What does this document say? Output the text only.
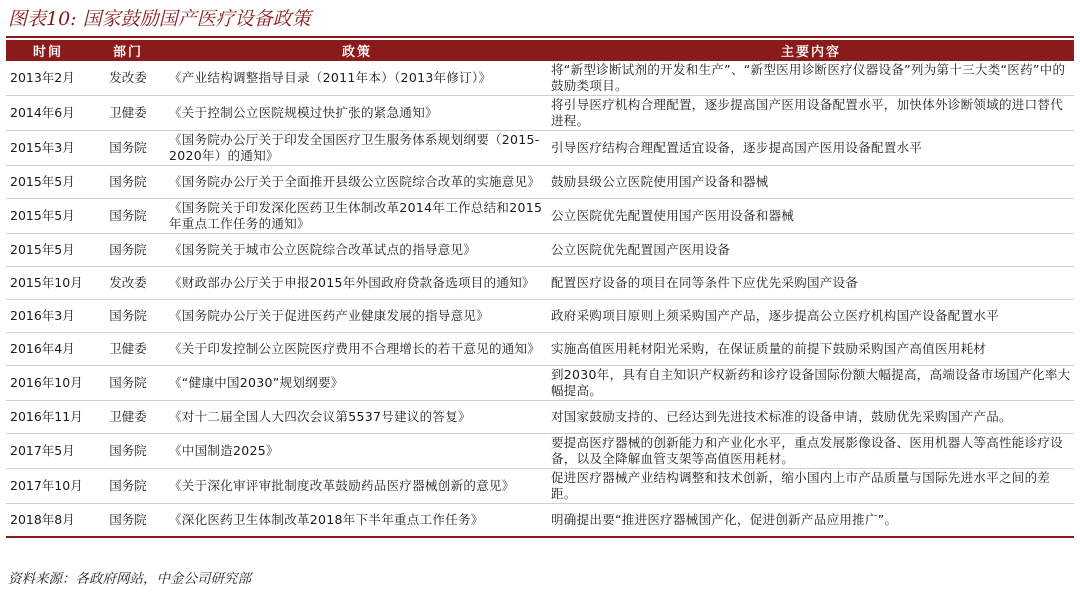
图表10: 国家鼓励国产医疗设备政策
时间	部门	政策	主要内容
2013年2月	发改委	《产业结构调整指导目录（2011年本）（2013年修订）》	将“新型诊断试剂的开发和生产”、“新型医用诊断医疗仪器设备”列为第十三大类“医药”中的鼓励类项目。
2014年6月	卫健委	《关于控制公立医院规模过快扩张的紧急通知》	将引导医疗机构合理配置，逐步提高国产医用设备配置水平，加快体外诊断领域的进口替代进程。
2015年3月	国务院	《国务院办公厅关于印发全国医疗卫生服务体系规划纲要（2015-2020年）的通知》	引导医疗结构合理配置适宜设备，逐步提高国产医用设备配置水平
2015年5月	国务院	《国务院办公厅关于全面推开县级公立医院综合改革的实施意见》	鼓励县级公立医院使用国产设备和器械
2015年5月	国务院	《国务院关于印发深化医药卫生体制改革2014年工作总结和2015年重点工作任务的通知》	公立医院优先配置使用国产医用设备和器械
2015年5月	国务院	《国务院关于城市公立医院综合改革试点的指导意见》	公立医院优先配置国产医用设备
2015年10月	发改委	《财政部办公厅关于申报2015年外国政府贷款备选项目的通知》	配置医疗设备的项目在同等条件下应优先采购国产设备
2016年3月	国务院	《国务院办公厅关于促进医药产业健康发展的指导意见》	政府采购项目原则上须采购国产产品，逐步提高公立医疗机构国产设备配置水平
2016年4月	卫健委	《关于印发控制公立医院医疗费用不合理增长的若干意见的通知》	实施高值医用耗材阳光采购，在保证质量的前提下鼓励采购国产高值医用耗材
2016年10月	国务院	《“健康中国2030”规划纲要》	到2030年，具有自主知识产权新药和诊疗设备国际份额大幅提高，高端设备市场国产化率大幅提高。
2016年11月	卫健委	《对十二届全国人大四次会议第5537号建议的答复》	对国家鼓励支持的、已经达到先进技术标准的设备申请，鼓励优先采购国产产品。
2017年5月	国务院	《中国制造2025》	要提高医疗器械的创新能力和产业化水平，重点发展影像设备、医用机器人等高性能诊疗设备，以及全降解血管支架等高值医用耗材。
2017年10月	国务院	《关于深化审评审批制度改革鼓励药品医疗器械创新的意见》	促进医疗器械产业结构调整和技术创新，缩小国内上市产品质量与国际先进水平之间的差距。
2018年8月	国务院	《深化医药卫生体制改革2018年下半年重点工作任务》	明确提出要“推进医疗器械国产化，促进创新产品应用推广”。
资料来源：各政府网站，中金公司研究部
